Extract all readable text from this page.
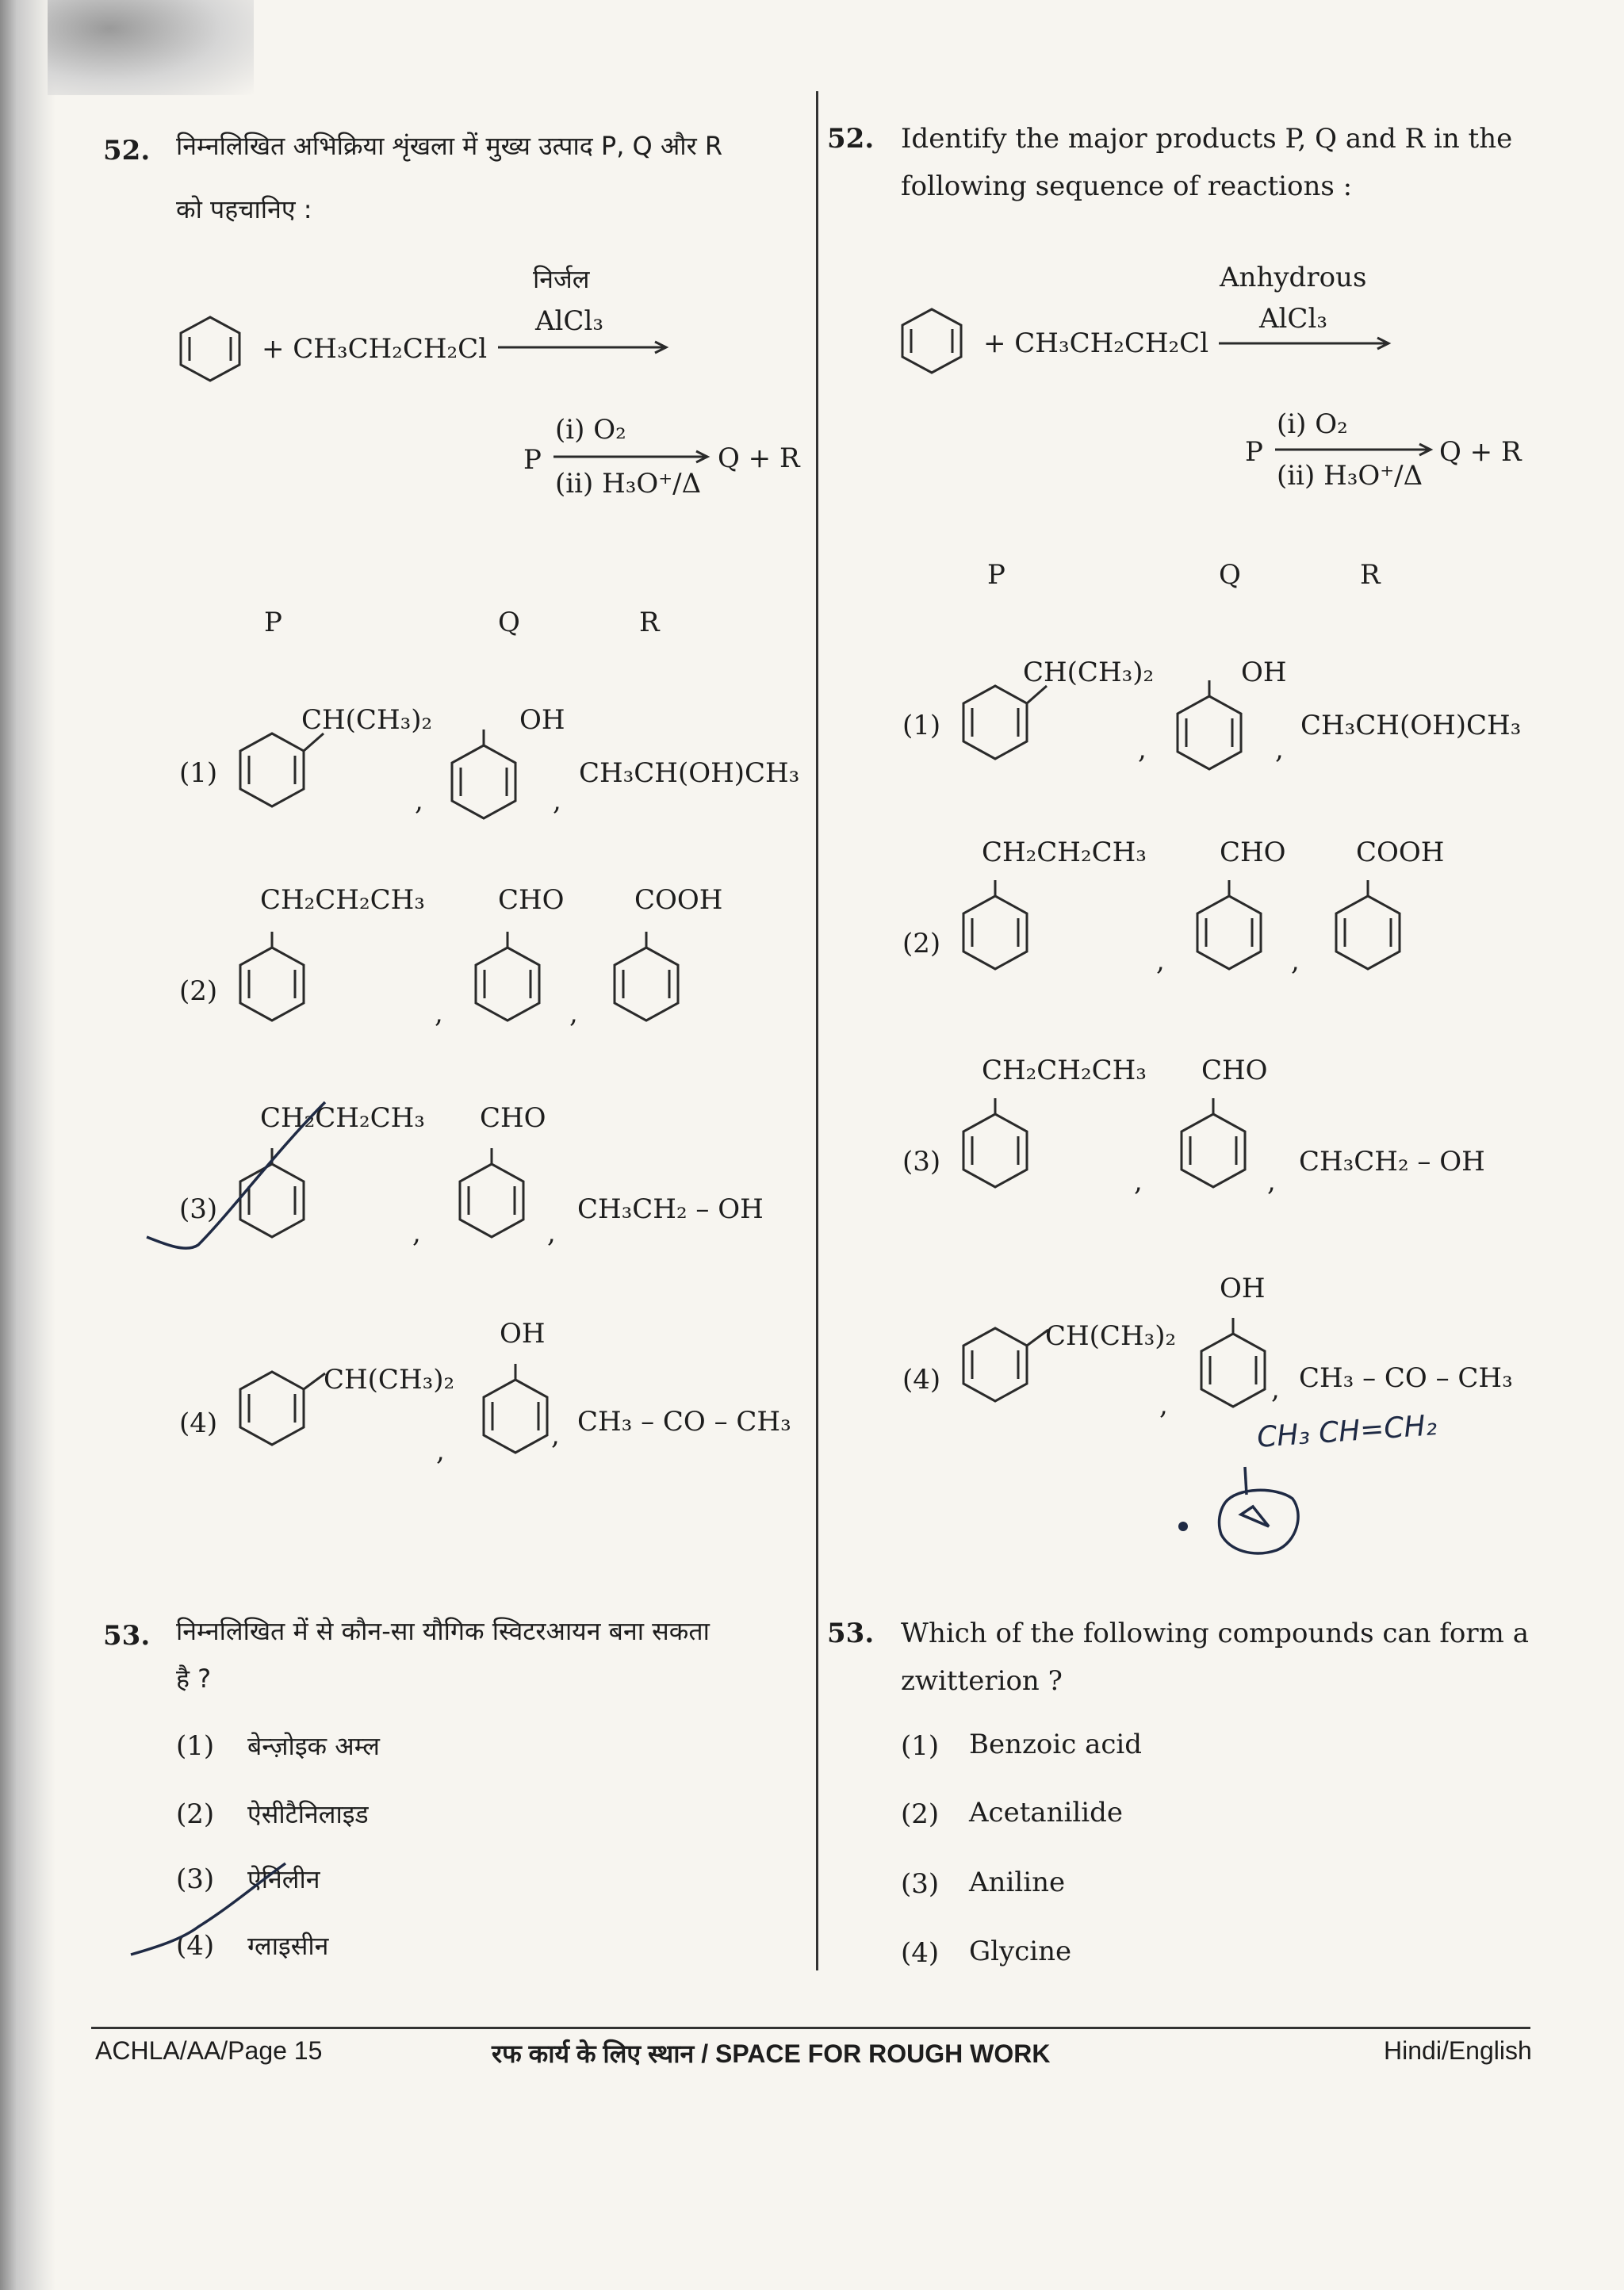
52. निम्नलिखित अभिक्रिया शृंखला में मुख्य उत्पाद P, Q और R
को पहचानिए :
+ CH₃CH₂CH₂Cl
निर्जल
AlCl₃
P
(i) O₂
(ii) H₃O⁺/Δ
Q + R
P	Q	R
(1)
CH(CH₃)₂
,
OH
,
CH₃CH(OH)CH₃
(2)
CH₂CH₂CH₃
,
CHO
,
COOH
(3)
CH₂CH₂CH₃
,
CHO
,
CH₃CH₂ – OH
(4)
CH(CH₃)₂
,
OH
, CH₃ – CO – CH₃
53. निम्नलिखित में से कौन-सा यौगिक स्विटरआयन बना सकता
है ?
(1) बेन्ज़ोइक अम्ल
(2) ऐसीटैनिलाइड
(3) ऐनिलीन
(4) ग्लाइसीन
52. Identify the major products P, Q and R in the
following sequence of reactions :
+ CH₃CH₂CH₂Cl
Anhydrous
AlCl₃
P
(i) O₂
(ii) H₃O⁺/Δ
Q + R
P	Q	R
(1)
CH(CH₃)₂
,
OH
,
CH₃CH(OH)CH₃
(2)
CH₂CH₂CH₃
,
CHO
,
COOH
(3)
CH₂CH₂CH₃
,
CHO
,
CH₃CH₂ – OH
(4)
CH(CH₃)₂
,
OH
, CH₃ – CO – CH₃
CH₃ CH=CH₂
53. Which of the following compounds can form a
zwitterion ?
(1) Benzoic acid
(2) Acetanilide
(3) Aniline
(4) Glycine
ACHLA/AA/Page 15	रफ कार्य के लिए स्थान / SPACE FOR ROUGH WORK	Hindi/English
